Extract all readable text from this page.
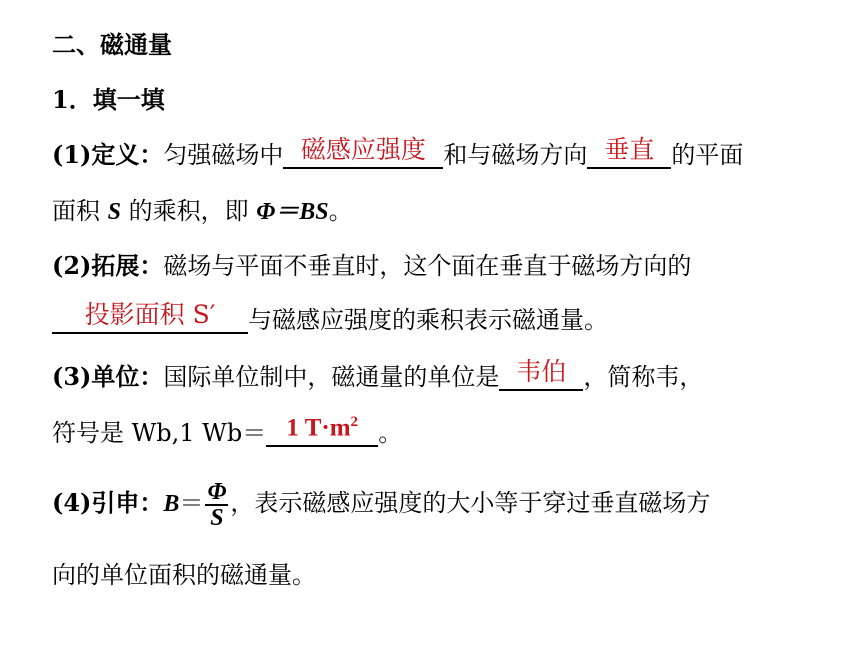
二、磁通量
1．填一填
(1)定义：匀强磁场中 磁感应强度 和与磁场方向 垂直 的平面
面积 S 的乘积，即 Φ＝BS。
(2)拓展：磁场与平面不垂直时，这个面在垂直于磁场方向的
投影面积 S′	与磁感应强度的乘积表示磁通量。
(3)单位：国际单位制中，磁通量的单位是 韦伯 ，简称韦，
符号是 Wb,1 Wb＝ 1 $T\cdot m^2$ 。
(4)引申：$B= \frac{\Phi}{S}$ ，表示磁感应强度的大小等于穿过垂直磁场方
向的单位面积的磁通量。
